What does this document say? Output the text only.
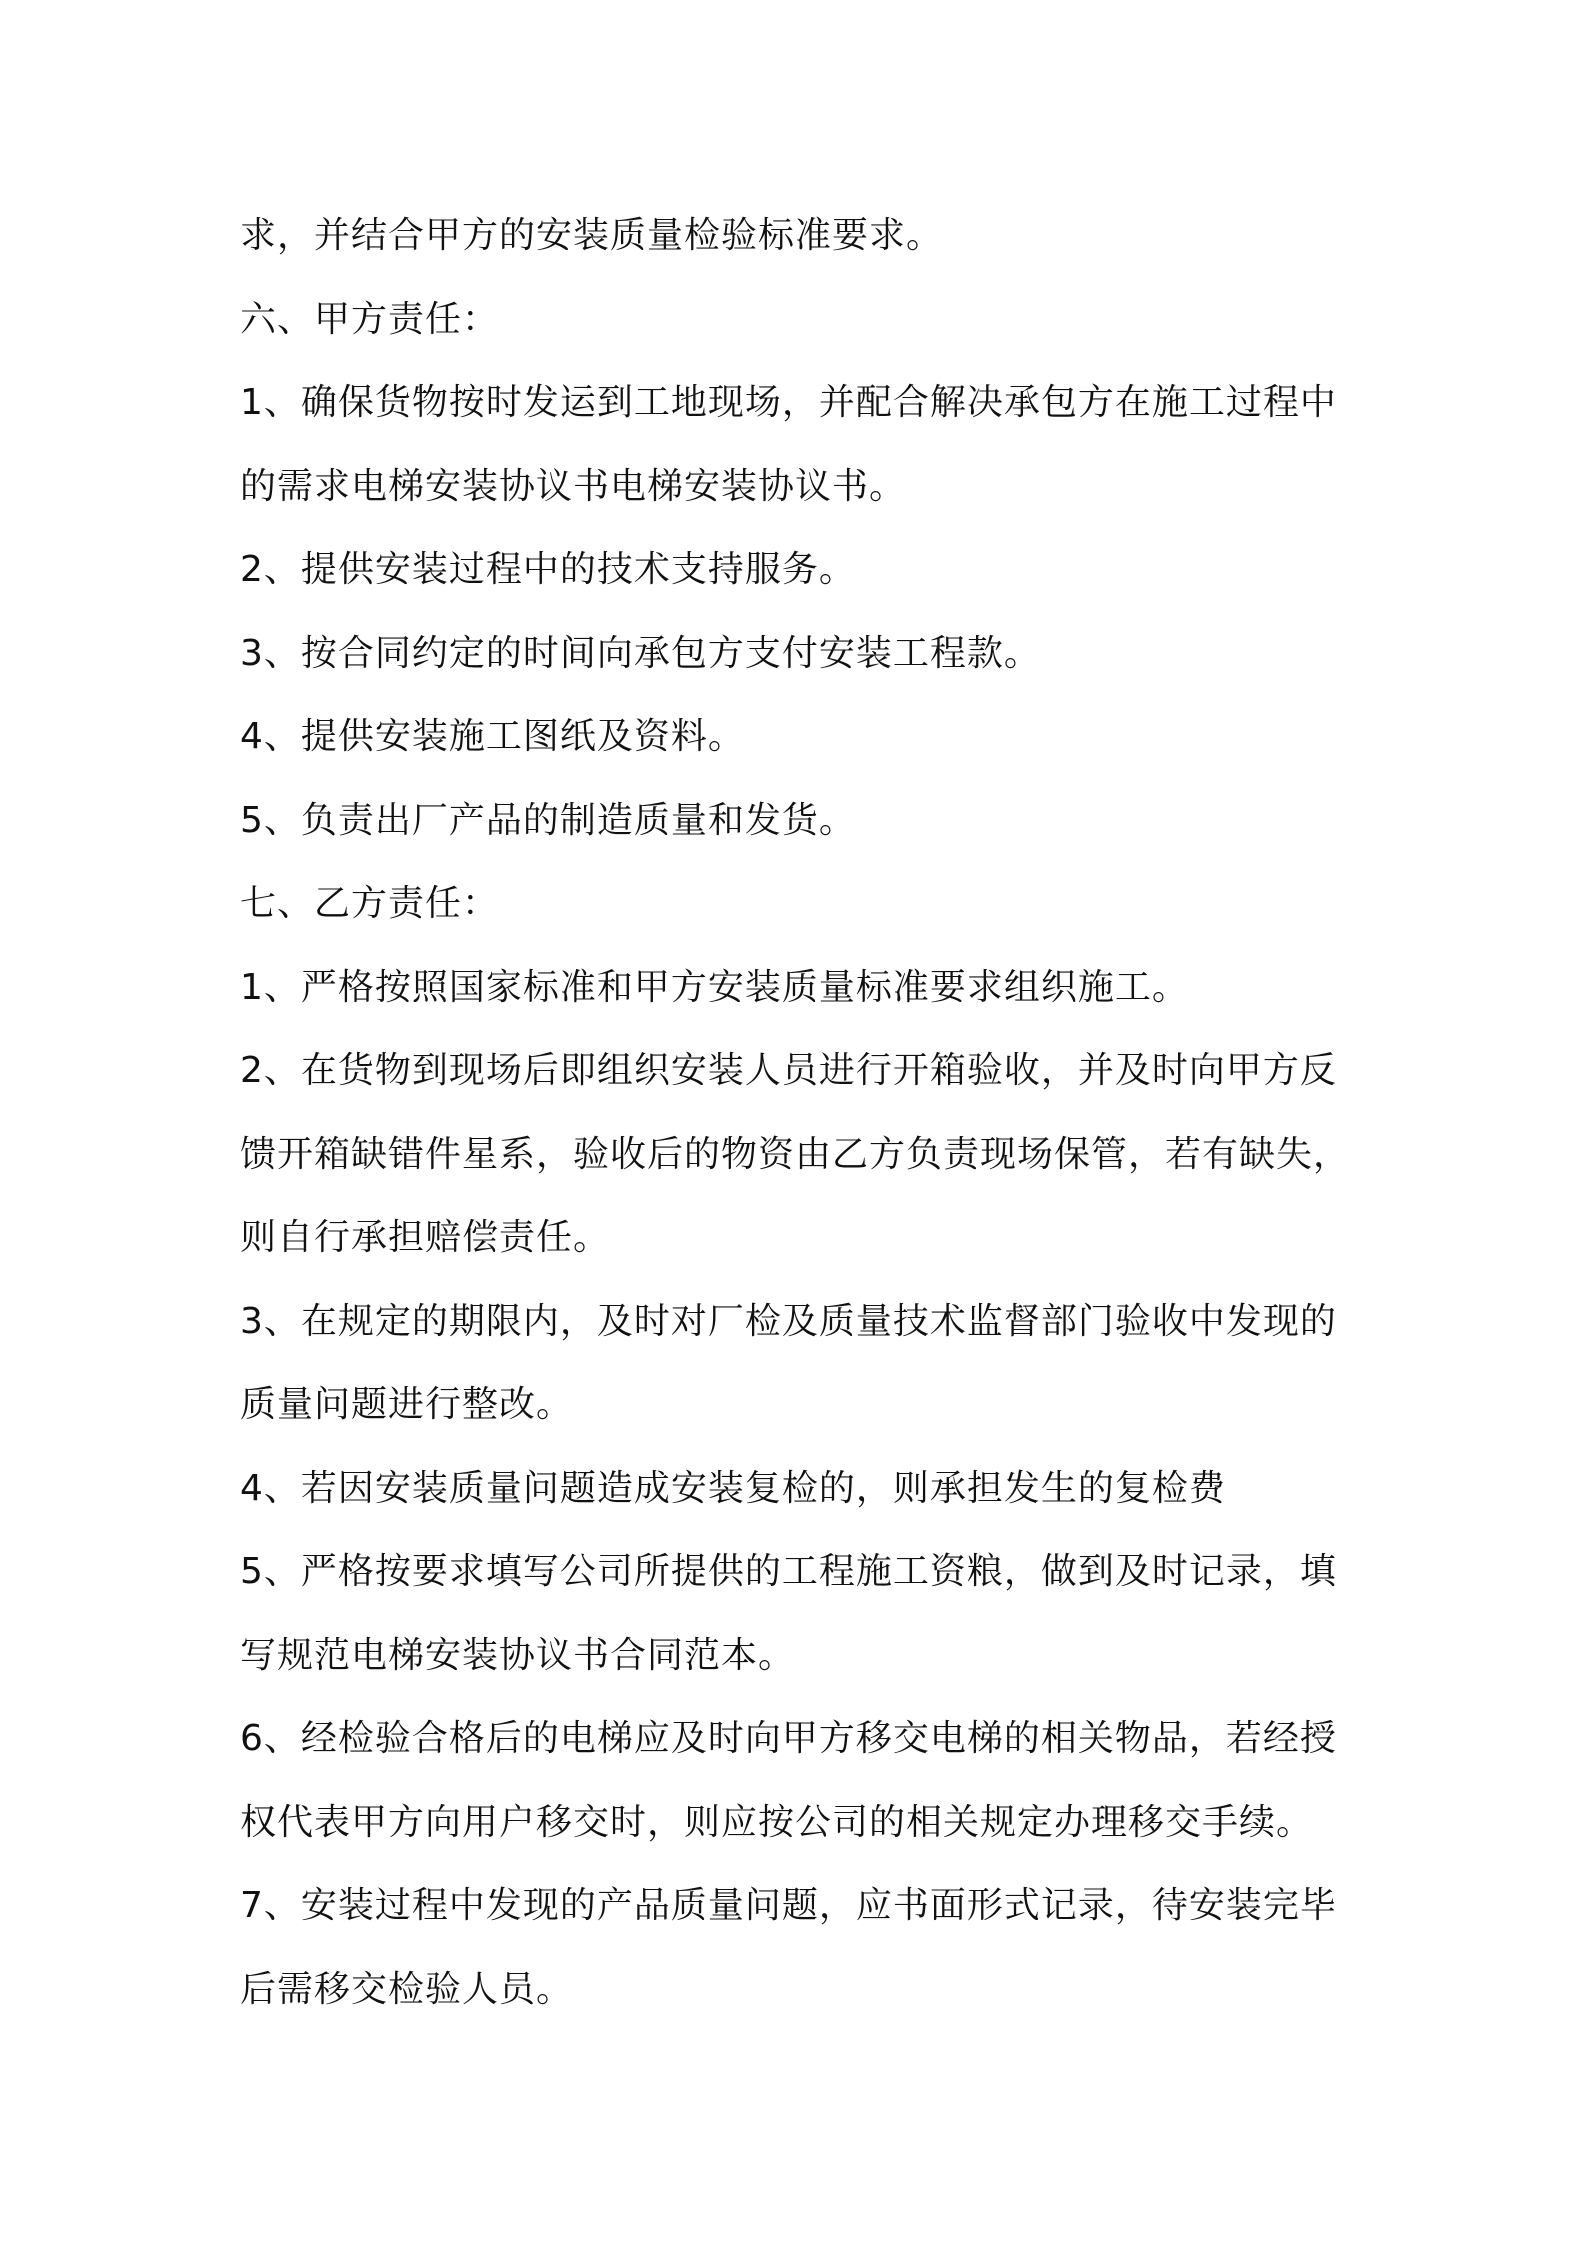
求，并结合甲方的安装质量检验标准要求。
六、甲方责任：
1、确保货物按时发运到工地现场，并配合解决承包方在施工过程中
的需求电梯安装协议书电梯安装协议书。
2、提供安装过程中的技术支持服务。
3、按合同约定的时间向承包方支付安装工程款。
4、提供安装施工图纸及资料。
5、负责出厂产品的制造质量和发货。
七、乙方责任：
1、严格按照国家标准和甲方安装质量标准要求组织施工。
2、在货物到现场后即组织安装人员进行开箱验收，并及时向甲方反
馈开箱缺错件星系，验收后的物资由乙方负责现场保管，若有缺失，
则自行承担赔偿责任。
3、在规定的期限内，及时对厂检及质量技术监督部门验收中发现的
质量问题进行整改。
4、若因安装质量问题造成安装复检的，则承担发生的复检费
5、严格按要求填写公司所提供的工程施工资粮，做到及时记录，填
写规范电梯安装协议书合同范本。
6、经检验合格后的电梯应及时向甲方移交电梯的相关物品，若经授
权代表甲方向用户移交时，则应按公司的相关规定办理移交手续。
7、安装过程中发现的产品质量问题，应书面形式记录，待安装完毕
后需移交检验人员。
